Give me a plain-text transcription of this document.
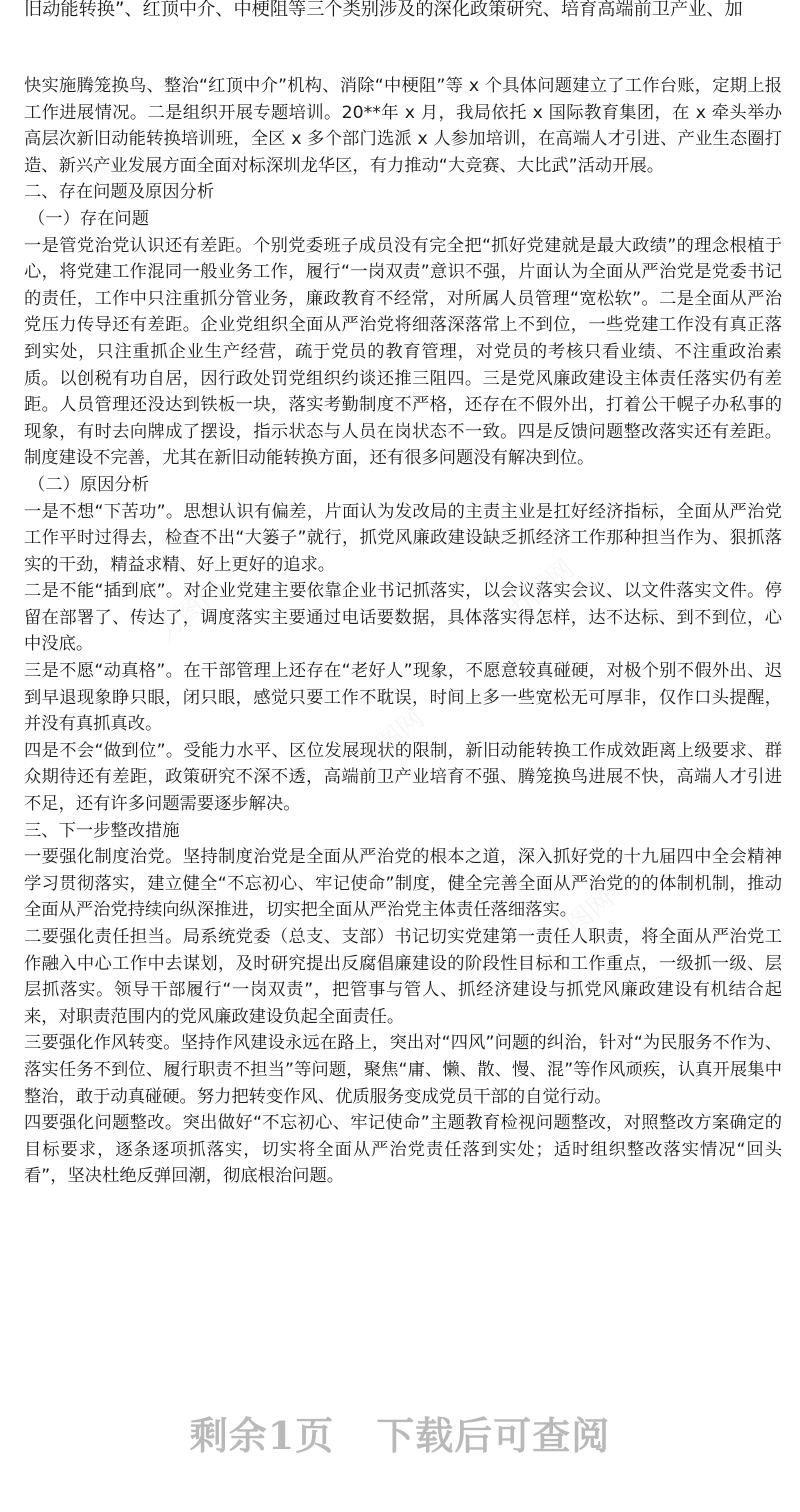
旧动能转换”、红顶中介、中梗阻等三个类别涉及的深化政策研究、培育高端前卫产业、加

快实施腾笼换鸟、整治“红顶中介”机构、消除“中梗阻”等 x 个具体问题建立了工作台账，定期上报工作进展情况。二是组织开展专题培训。20**年 x 月，我局依托 x 国际教育集团，在 x 牵头举办高层次新旧动能转换培训班，全区 x 多个部门选派 x 人参加培训，在高端人才引进、产业生态圈打造、新兴产业发展方面全面对标深圳龙华区，有力推动“大竞赛、大比武”活动开展。

二、存在问题及原因分析

（一）存在问题

一是管党治党认识还有差距。个别党委班子成员没有完全把“抓好党建就是最大政绩”的理念根植于心，将党建工作混同一般业务工作，履行“一岗双责”意识不强，片面认为全面从严治党是党委书记的责任，工作中只注重抓分管业务，廉政教育不经常，对所属人员管理“宽松软”。二是全面从严治党压力传导还有差距。企业党组织全面从严治党将细落深落常上不到位，一些党建工作没有真正落到实处，只注重抓企业生产经营，疏于党员的教育管理，对党员的考核只看业绩、不注重政治素质。以创税有功自居，因行政处罚党组织约谈还推三阻四。三是党风廉政建设主体责任落实仍有差距。人员管理还没达到铁板一块，落实考勤制度不严格，还存在不假外出，打着公干幌子办私事的现象，有时去向牌成了摆设，指示状态与人员在岗状态不一致。四是反馈问题整改落实还有差距。制度建设不完善，尤其在新旧动能转换方面，还有很多问题没有解决到位。

（二）原因分析

一是不想“下苦功”。思想认识有偏差，片面认为发改局的主责主业是扛好经济指标，全面从严治党工作平时过得去，检查不出“大篓子”就行，抓党风廉政建设缺乏抓经济工作那种担当作为、狠抓落实的干劲，精益求精、好上更好的追求。

二是不能“插到底”。对企业党建主要依靠企业书记抓落实，以会议落实会议、以文件落实文件。停留在部署了、传达了，调度落实主要通过电话要数据，具体落实得怎样，达不达标、到不到位，心中没底。

三是不愿“动真格”。在干部管理上还存在“老好人”现象，不愿意较真碰硬，对极个别不假外出、迟到早退现象睁只眼，闭只眼，感觉只要工作不耽误，时间上多一些宽松无可厚非，仅作口头提醒，并没有真抓真改。

四是不会“做到位”。受能力水平、区位发展现状的限制，新旧动能转换工作成效距离上级要求、群众期待还有差距，政策研究不深不透，高端前卫产业培育不强、腾笼换鸟进展不快，高端人才引进不足，还有许多问题需要逐步解决。

三、下一步整改措施

一要强化制度治党。坚持制度治党是全面从严治党的根本之道，深入抓好党的十九届四中全会精神学习贯彻落实，建立健全“不忘初心、牢记使命”制度，健全完善全面从严治党的的体制机制，推动全面从严治党持续向纵深推进，切实把全面从严治党主体责任落细落实。

二要强化责任担当。局系统党委（总支、支部）书记切实党建第一责任人职责，将全面从严治党工作融入中心工作中去谋划，及时研究提出反腐倡廉建设的阶段性目标和工作重点，一级抓一级、层层抓落实。领导干部履行“一岗双责”，把管事与管人、抓经济建设与抓党风廉政建设有机结合起来，对职责范围内的党风廉政建设负起全面责任。

三要强化作风转变。坚持作风建设永远在路上，突出对“四风”问题的纠治，针对“为民服务不作为、落实任务不到位、履行职责不担当”等问题，聚焦“庸、懒、散、慢、混”等作风顽疾，认真开展集中整治，敢于动真碰硬。努力把转变作风、优质服务变成党员干部的自觉行动。

四要强化问题整改。突出做好“不忘初心、牢记使命”主题教育检视问题整改，对照整改方案确定的目标要求，逐条逐项抓落实，切实将全面从严治党责任落到实处；适时组织整改落实情况“回头看”，坚决杜绝反弹回潮，彻底根治问题。

力图网	力图网
力图网
力图网
剩余1页 下载后可查阅
